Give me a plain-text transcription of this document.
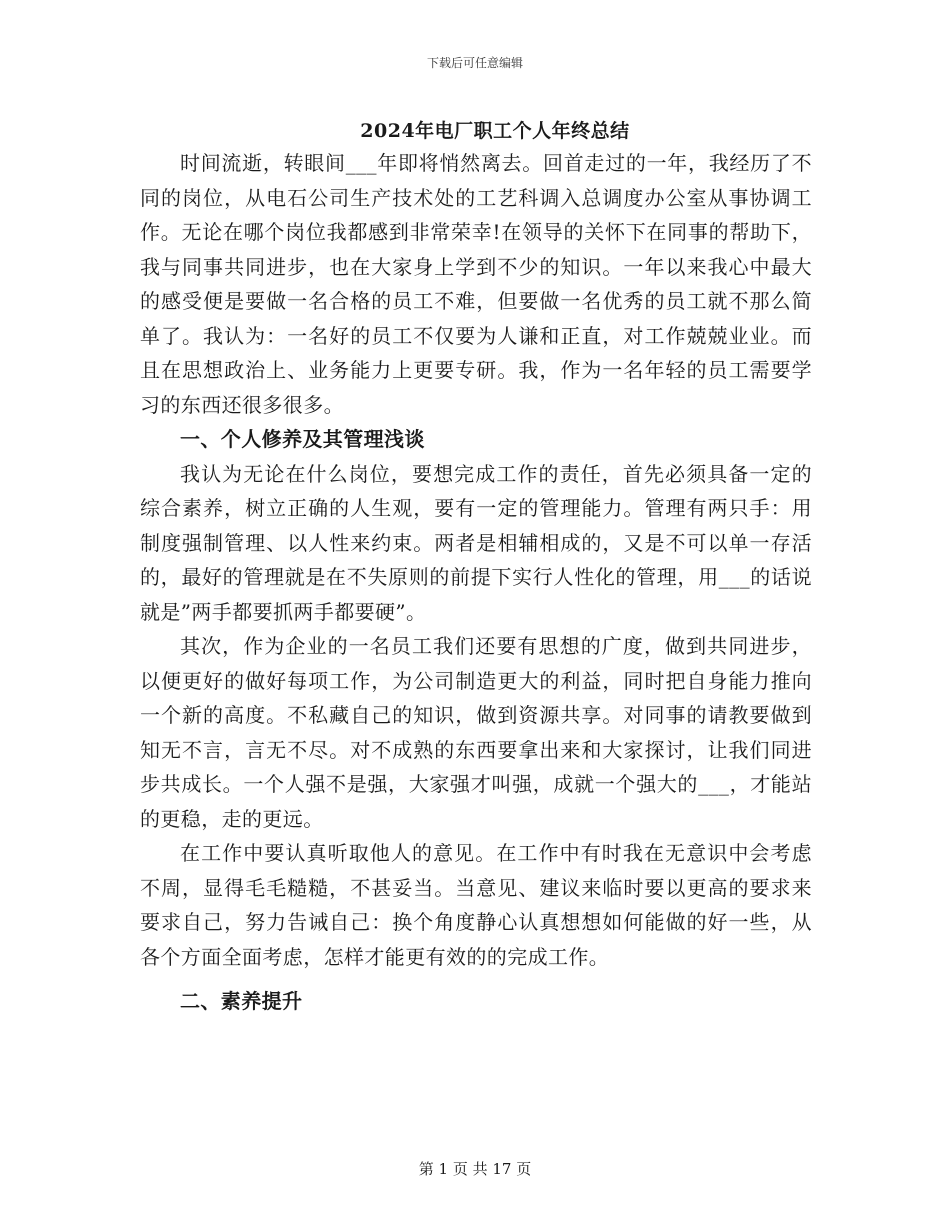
下载后可任意编辑
2024年电厂职工个人年终总结

时间流逝，转眼间___年即将悄然离去。回首走过的一年，我经历了不同的岗位，从电石公司生产技术处的工艺科调入总调度办公室从事协调工作。无论在哪个岗位我都感到非常荣幸!在领导的关怀下在同事的帮助下，我与同事共同进步，也在大家身上学到不少的知识。一年以来我心中最大的感受便是要做一名合格的员工不难，但要做一名优秀的员工就不那么简单了。我认为：一名好的员工不仅要为人谦和正直，对工作兢兢业业。而且在思想政治上、业务能力上更要专研。我，作为一名年轻的员工需要学习的东西还很多很多。

一、个人修养及其管理浅谈

我认为无论在什么岗位，要想完成工作的责任，首先必须具备一定的综合素养，树立正确的人生观，要有一定的管理能力。管理有两只手：用制度强制管理、以人性来约束。两者是相辅相成的，又是不可以单一存活的，最好的管理就是在不失原则的前提下实行人性化的管理，用___的话说就是”两手都要抓两手都要硬”。

其次，作为企业的一名员工我们还要有思想的广度，做到共同进步，以便更好的做好每项工作，为公司制造更大的利益，同时把自身能力推向一个新的高度。不私藏自己的知识，做到资源共享。对同事的请教要做到知无不言，言无不尽。对不成熟的东西要拿出来和大家探讨，让我们同进步共成长。一个人强不是强，大家强才叫强，成就一个强大的___，才能站的更稳，走的更远。

在工作中要认真听取他人的意见。在工作中有时我在无意识中会考虑不周，显得毛毛糙糙，不甚妥当。当意见、建议来临时要以更高的要求来要求自己，努力告诫自己：换个角度静心认真想想如何能做的好一些，从各个方面全面考虑，怎样才能更有效的的完成工作。

二、素养提升

第 1 页 共 17 页
